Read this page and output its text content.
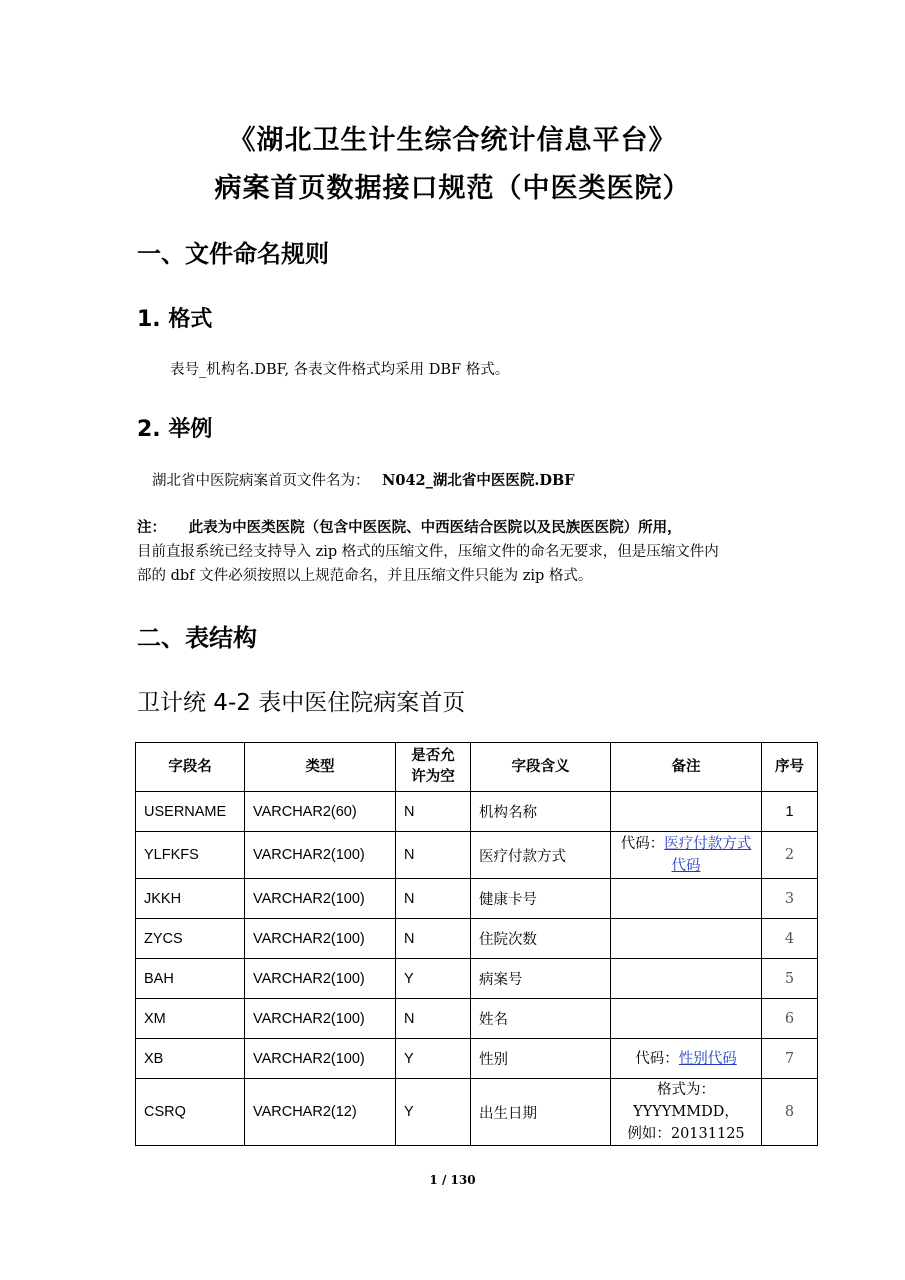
《湖北卫生计生综合统计信息平台》
病案首页数据接口规范（中医类医院）
一、文件命名规则
1. 格式
表号_机构名.DBF, 各表文件格式均采用 DBF 格式。
2. 举例
湖北省中医院病案首页文件名为： N042_湖北省中医医院.DBF
注： 此表为中医类医院（包含中医医院、中西医结合医院以及民族医医院）所用，
目前直报系统已经支持导入 zip 格式的压缩文件，压缩文件的命名无要求，但是压缩文件内
部的 dbf 文件必须按照以上规范命名，并且压缩文件只能为 zip 格式。
二、表结构
卫计统 4-2 表中医住院病案首页
字段名	类型	是否允
许为空	字段含义	备注	序号
USERNAME	VARCHAR2(60)	N	机构名称		1
YLFKFS	VARCHAR2(100)	N	医疗付款方式	代码：医疗付款方式
代码	2
JKKH	VARCHAR2(100)	N	健康卡号		3
ZYCS	VARCHAR2(100)	N	住院次数		4
BAH	VARCHAR2(100)	Y	病案号		5
XM	VARCHAR2(100)	N	姓名		6
XB	VARCHAR2(100)	Y	性别	代码：性别代码	7
CSRQ	VARCHAR2(12)	Y	出生日期	格式为：YYYYMMDD，
例如：20131125	8
1 / 130
